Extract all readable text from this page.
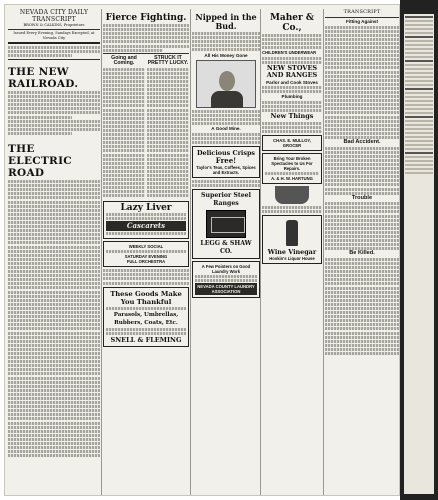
NEVADA CITY DAILY TRANSCRIPT
BROWN & CALKINS, Proprietors
Issued Every Evening, Sundays Excepted, at Nevada City
THE NEW RAILROAD.
THE ELECTRIC ROAD
Fierce Fighting.
Going and Coming.
STRUCK IT PRETTY LUCKY.
Lazy Liver
Cascarets
WEEKLY SOCIAL
SATURDAY EVENING
FULL ORCHESTRA
These Goods Make You Thankful
Parasols, Umbrellas, Rubbers, Coats, Etc.
SNELL & FLEMING
Nipped in the Bud.
All His Money Gone
A Good Mine.
Delicious Crisps
Free!
Taylor's Teas, Coffees, Spices and Extracts.
Superior Steel Ranges
LEGG & SHAW CO.
A Few Pointers on Good Laundry Work
NEVADA COUNTY LAUNDRY ASSOCIATION
Maher & Co.,
CHILDREN'S UNDERWEAR
NEW STOVES AND RANGES
Parlor and Cook Stoves
Plumbing
New Things
CHAS. E. MULLOY, GROCER
Bring Your Broken Spectacles to Us For Repairs.
A. & H. W. HARTUNG
Wine Vinegar
Hoskin's Liquor House
TRANSCRIPT
Fitting Against
Bad Accident.
Trouble
Be Killed.
